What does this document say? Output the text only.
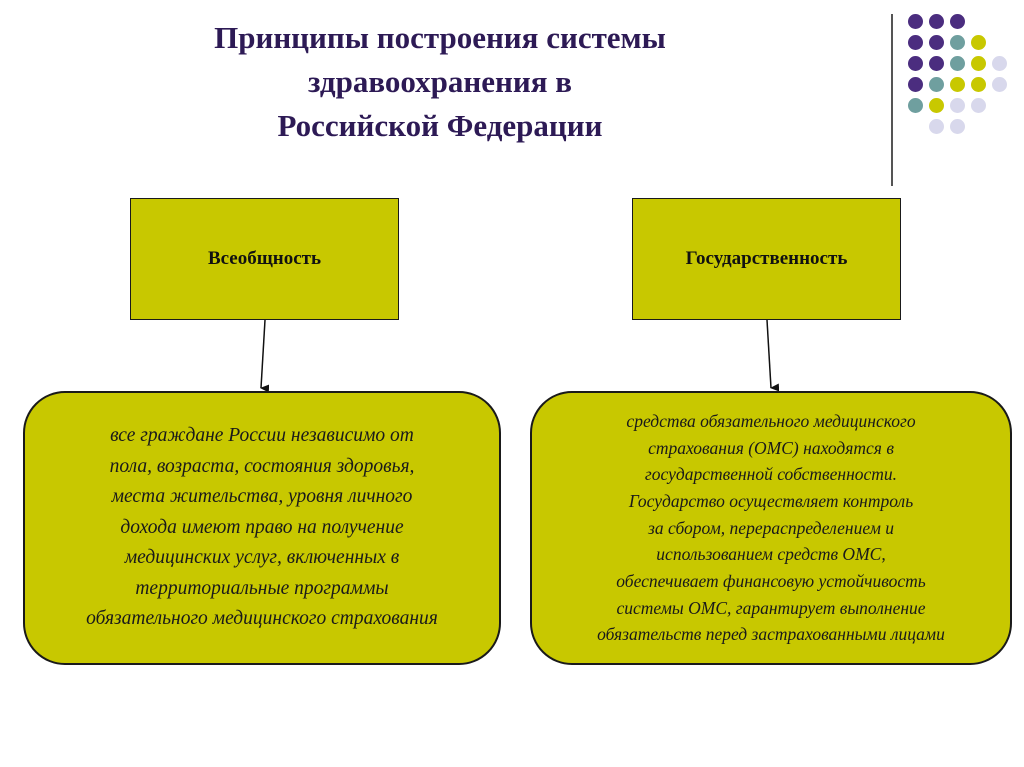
Принципы построения системы
здравоохранения в
Российской Федерации
Всеобщность	Государственность
все граждане России независимо от
пола, возраста, состояния здоровья,
места жительства, уровня личного
дохода имеют право на получение
медицинских услуг, включенных в
территориальные программы
обязательного медицинского страхования
средства обязательного медицинского
страхования (ОМС) находятся в
государственной собственности.
Государство осуществляет контроль
за сбором, перераспределением и
использованием средств ОМС,
обеспечивает финансовую устойчивость
системы ОМС, гарантирует выполнение
обязательств перед застрахованными лицами
